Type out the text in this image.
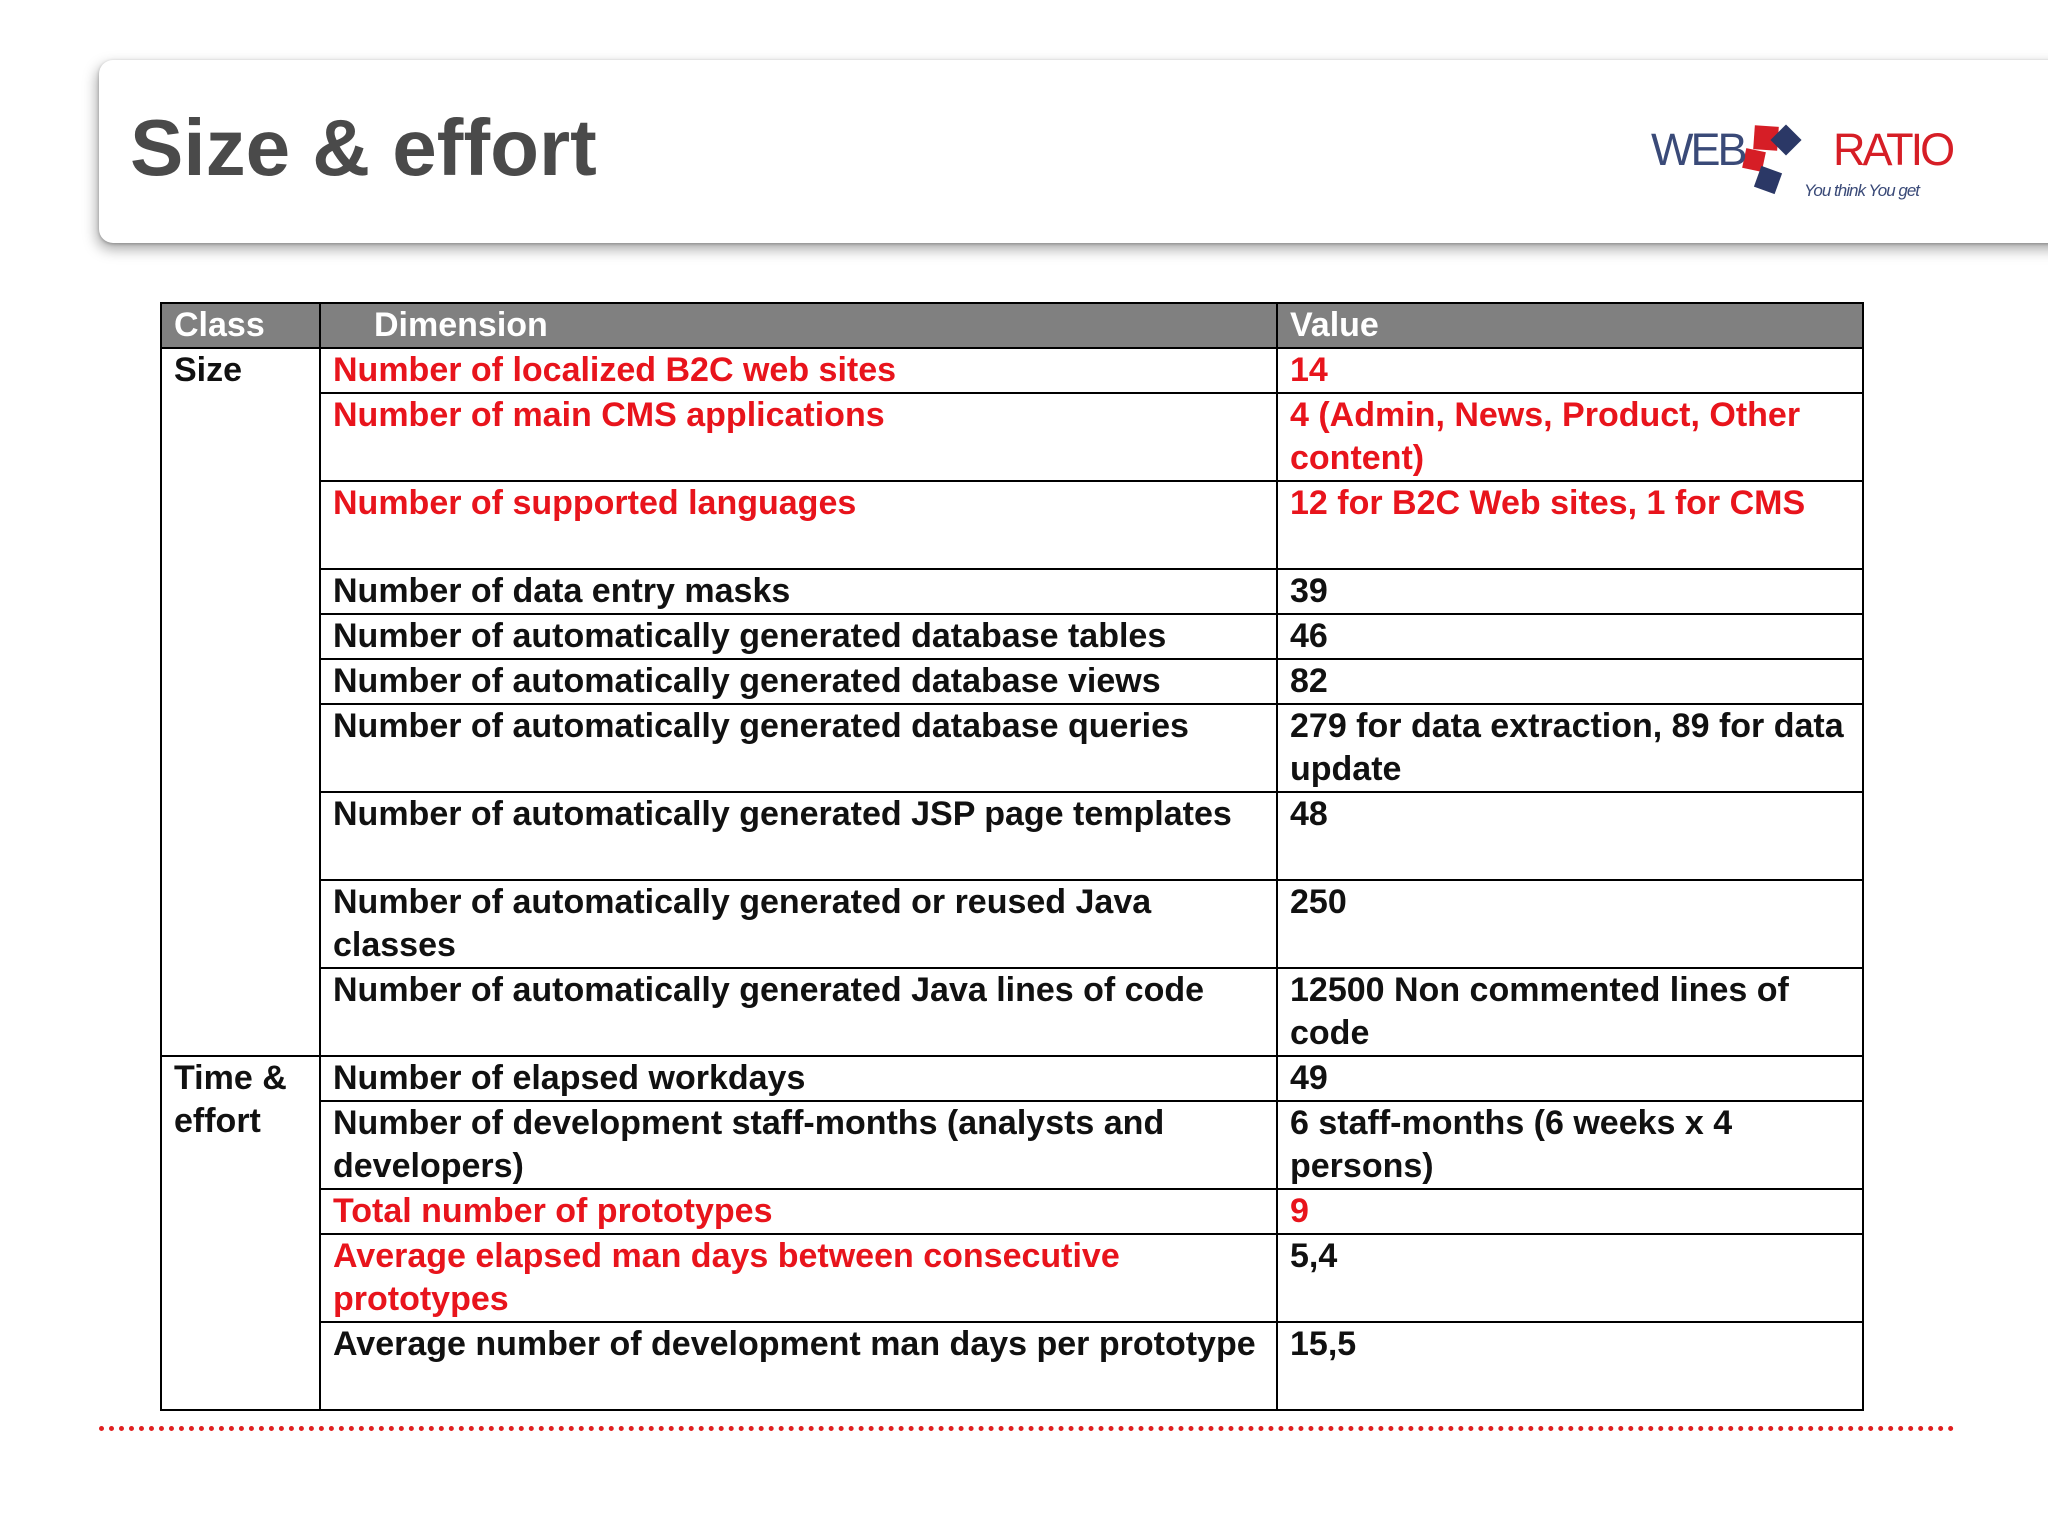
Size & effort	WEB RATIO
You think You get
Class	Dimension	Value
Size	Number of localized B2C web sites	14
	Number of main CMS applications	4 (Admin, News, Product, Other content)
	Number of supported languages	12 for B2C Web sites, 1 for CMS
	Number of data entry masks	39
	Number of automatically generated database tables	46
	Number of automatically generated database views	82
	Number of automatically generated database queries	279 for data extraction, 89 for data update
	Number of automatically generated JSP page templates	48
	Number of automatically generated or reused Java classes	250
	Number of automatically generated Java lines of code	12500 Non commented lines of code
Time & effort	Number of elapsed workdays	49
	Number of development staff-months (analysts and developers)	6 staff-months (6 weeks x 4 persons)
	Total number of prototypes	9
	Average elapsed man days between consecutive prototypes	5,4
	Average number of development man days per prototype	15,5
